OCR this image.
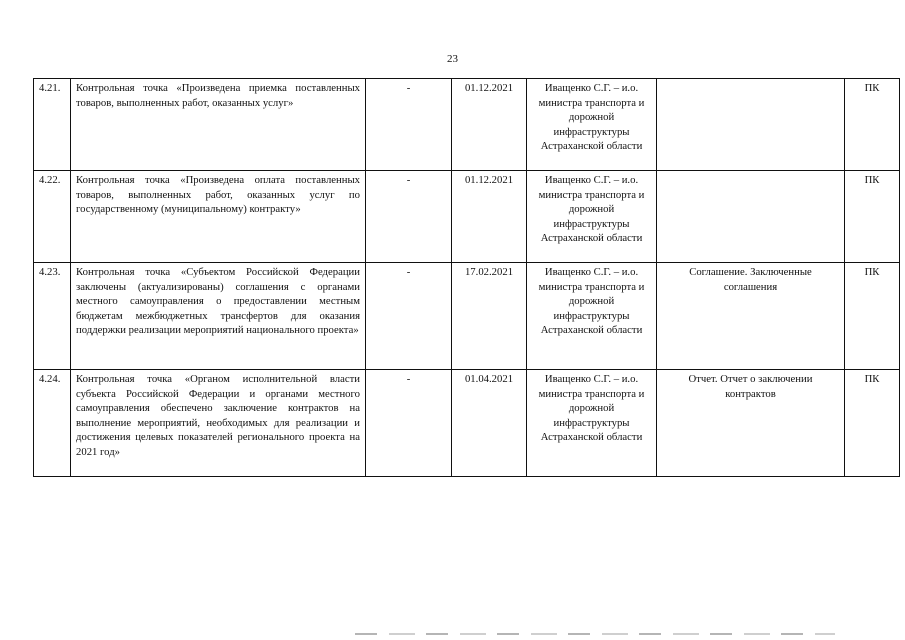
23
4.21.	Контрольная точка «Произведена приемка поставленных товаров, выполненных работ, оказанных услуг»	-	01.12.2021	Иващенко С.Г. – и.о. министра транспорта и дорожной инфраструктуры Астраханской области		ПК
4.22.	Контрольная точка «Произведена оплата поставленных товаров, выполненных работ, оказанных услуг по государственному (муниципальному) контракту»	-	01.12.2021	Иващенко С.Г. – и.о. министра транспорта и дорожной инфраструктуры Астраханской области		ПК
4.23.	Контрольная точка «Субъектом Российской Федерации заключены (актуализированы) соглашения с органами местного самоуправления о предоставлении местным бюджетам межбюджетных трансфертов для оказания поддержки реализации мероприятий национального проекта»	-	17.02.2021	Иващенко С.Г. – и.о. министра транспорта и дорожной инфраструктуры Астраханской области	Соглашение. Заключенные соглашения	ПК
4.24.	Контрольная точка «Органом исполнительной власти субъекта Российской Федерации и органами местного самоуправления обеспечено заключение контрактов на выполнение мероприятий, необходимых для реализации и достижения целевых показателей регионального проекта на 2021 год»	-	01.04.2021	Иващенко С.Г. – и.о. министра транспорта и дорожной инфраструктуры Астраханской области	Отчет. Отчет о заключении контрактов	ПК
